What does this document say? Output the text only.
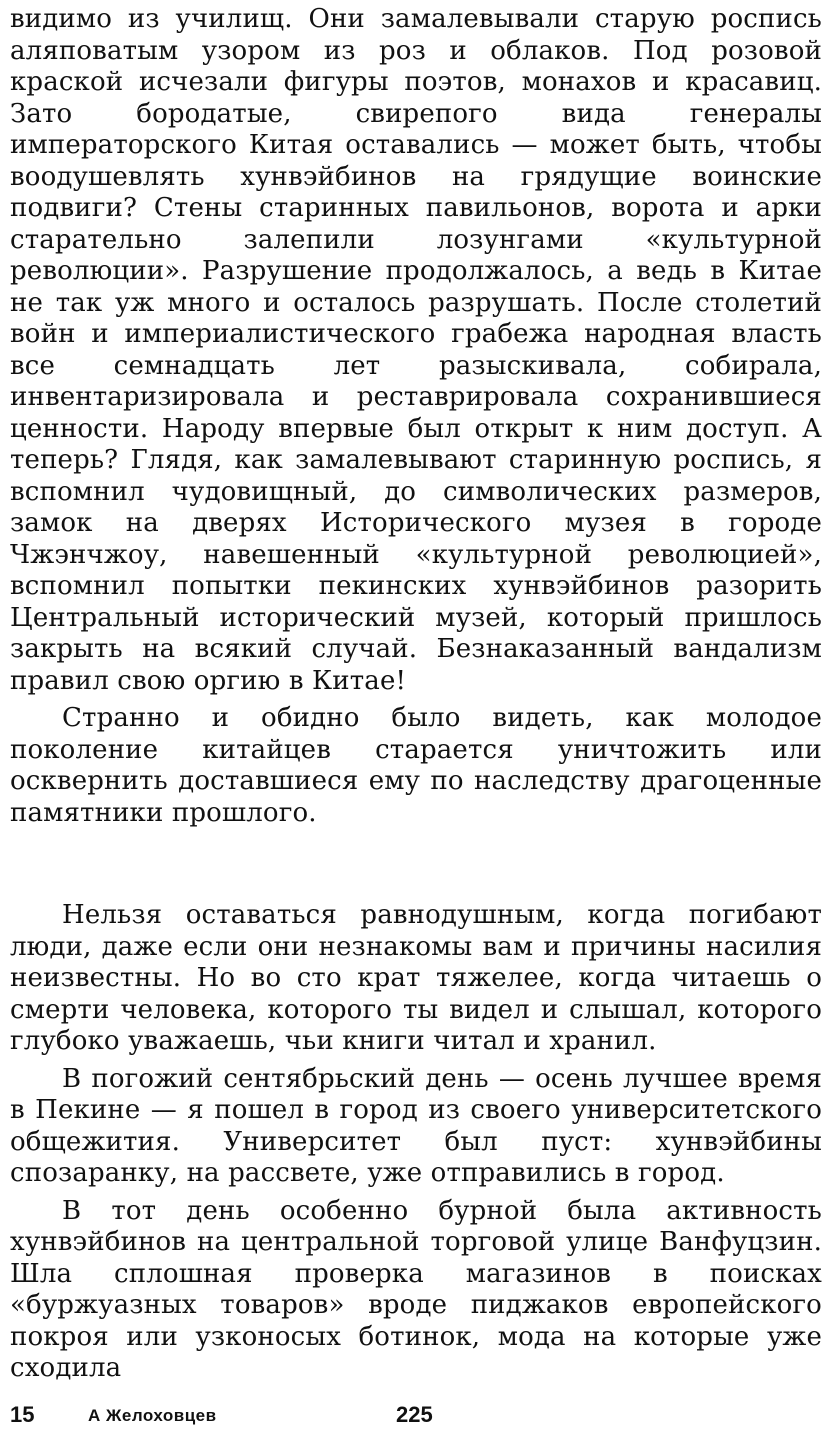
видимо из училищ. Они замалевывали старую роспись аляповатым узором из роз и облаков. Под розовой краской исчезали фигуры поэтов, монахов и красавиц. Зато бородатые, свирепого вида генералы императорского Китая оставались — может быть, чтобы воодушевлять хунвэйбинов на грядущие воинские подвиги? Стены старинных павильонов, ворота и арки старательно залепили лозунгами «культурной революции». Разрушение продолжалось, а ведь в Китае не так уж много и осталось разрушать. После столетий войн и империалистического грабежа народная власть все семнадцать лет разыскивала, собирала, инвентаризировала и реставрировала сохранившиеся ценности. Народу впервые был открыт к ним доступ. А теперь? Глядя, как замалевывают старинную роспись, я вспомнил чудовищный, до символических размеров, замок на дверях Исторического музея в городе Чжэнчжоу, навешенный «культурной революцией», вспомнил попытки пекинских хунвэйбинов разорить Центральный исторический музей, который пришлось закрыть на всякий случай. Безнаказанный вандализм правил свою оргию в Китае!

Странно и обидно было видеть, как молодое поколение китайцев старается уничтожить или осквернить доставшиеся ему по наследству драгоценные памятники прошлого.

Нельзя оставаться равнодушным, когда погибают люди, даже если они незнакомы вам и причины насилия неизвестны. Но во сто крат тяжелее, когда читаешь о смерти человека, которого ты видел и слышал, которого глубоко уважаешь, чьи книги читал и хранил.

В погожий сентябрьский день — осень лучшее время в Пекине — я пошел в город из своего университетского общежития. Университет был пуст: хунвэйбины спозаранку, на рассвете, уже отправились в город.

В тот день особенно бурной была активность хунвэйбинов на центральной торговой улице Ванфуцзин. Шла сплошная проверка магазинов в поисках «буржуазных товаров» вроде пиджаков европейского покроя или узконосых ботинок, мода на которые уже сходила

15	А Желоховцев	225
